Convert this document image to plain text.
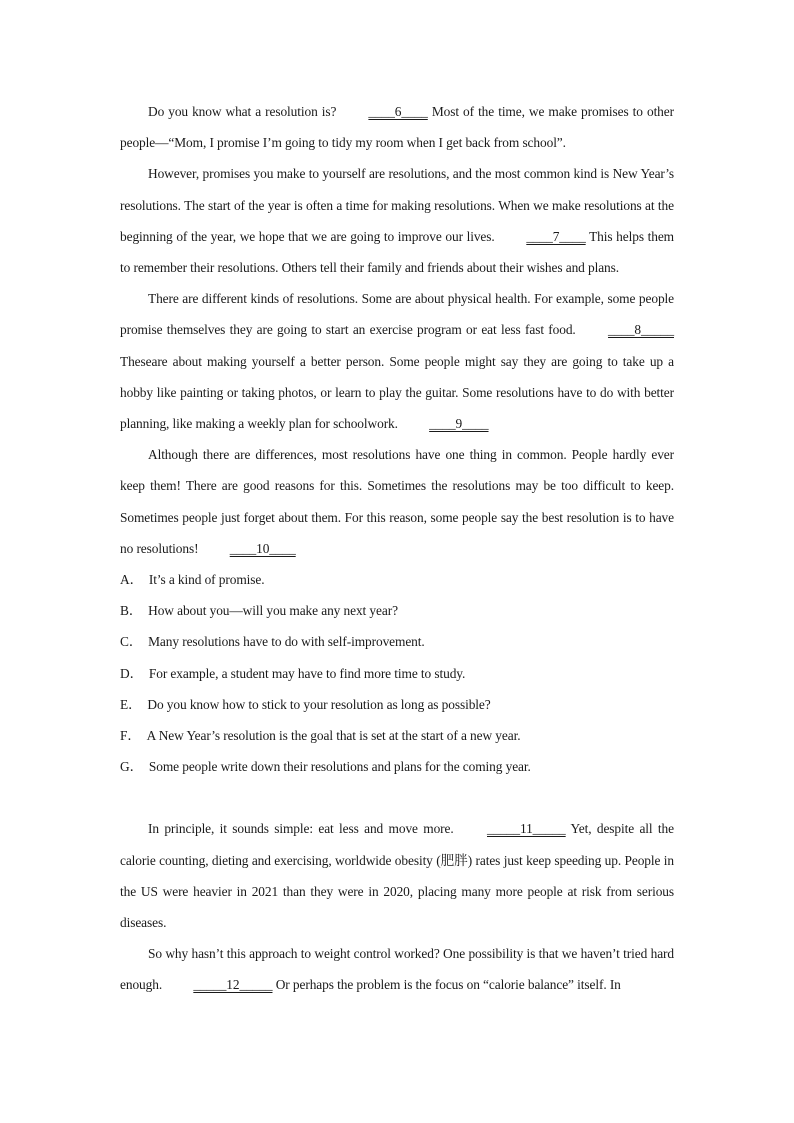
Do you know what a resolution is? ____6____ Most of the time, we make promises to other people—“Mom, I promise I’m going to tidy my room when I get back from school”.

However, promises you make to yourself are resolutions, and the most common kind is New Year’s resolutions. The start of the year is often a time for making resolutions. When we make resolutions at the beginning of the year, we hope that we are going to improve our lives. ____7____ This helps them to remember their resolutions. Others tell their family and friends about their wishes and plans.

There are different kinds of resolutions. Some are about physical health. For example, some people promise themselves they are going to start an exercise program or eat less fast food. ____8_____ Theseare about making yourself a better person. Some people might say they are going to take up a hobby like painting or taking photos, or learn to play the guitar. Some resolutions have to do with better planning, like making a weekly plan for schoolwork. ____9____

Although there are differences, most resolutions have one thing in common. People hardly ever keep them! There are good reasons for this. Sometimes the resolutions may be too difficult to keep. Sometimes people just forget about them. For this reason, some people say the best resolution is to have no resolutions! ____10____

A． It’s a kind of promise.
B． How about you—will you make any next year?
C． Many resolutions have to do with self-improvement.
D． For example, a student may have to find more time to study.
E． Do you know how to stick to your resolution as long as possible?
F． A New Year’s resolution is the goal that is set at the start of a new year.
G． Some people write down their resolutions and plans for the coming year.

In principle, it sounds simple: eat less and move more. _____11_____ Yet, despite all the calorie counting, dieting and exercising, worldwide obesity (肥胖) rates just keep speeding up. People in the US were heavier in 2021 than they were in 2020, placing many more people at risk from serious diseases.

So why hasn’t this approach to weight control worked? One possibility is that we haven’t tried hard enough. _____12_____ Or perhaps the problem is the focus on “calorie balance” itself. In
